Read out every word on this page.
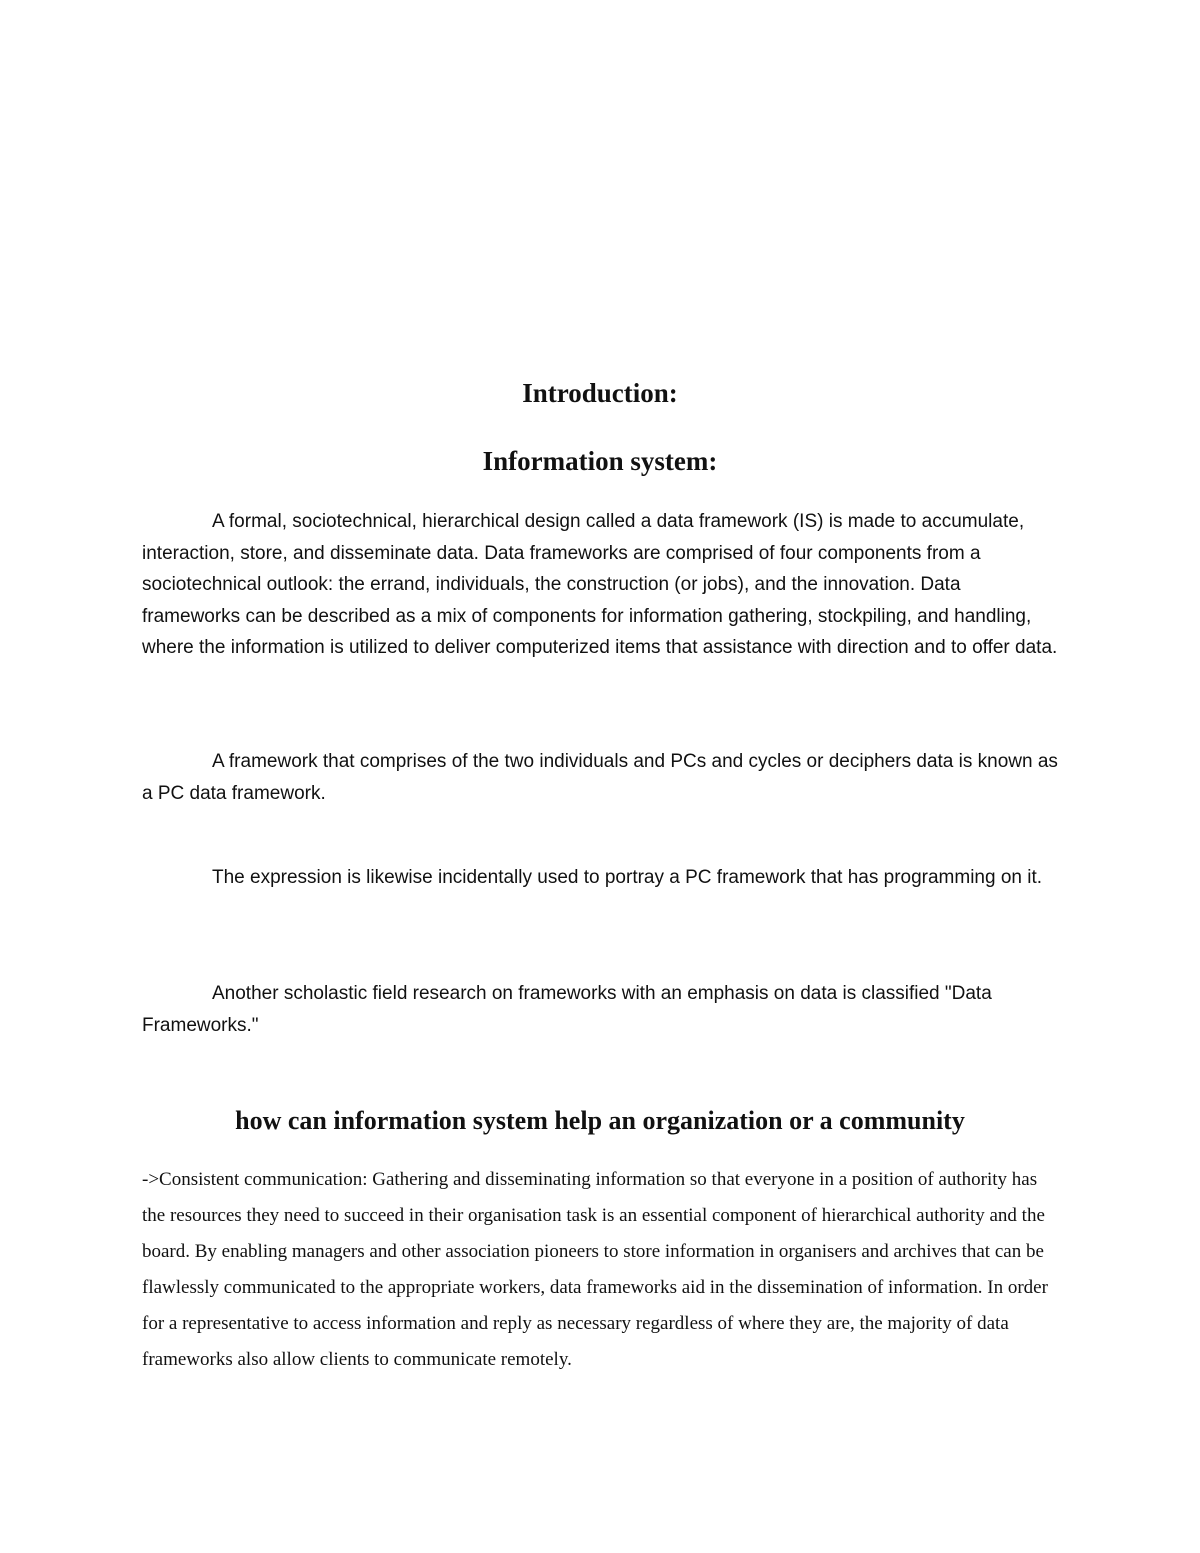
Introduction:
Information system:

A formal, sociotechnical, hierarchical design called a data framework (IS) is made to accumulate, interaction, store, and disseminate data. Data frameworks are comprised of four components from a sociotechnical outlook: the errand, individuals, the construction (or jobs), and the innovation. Data frameworks can be described as a mix of components for information gathering, stockpiling, and handling, where the information is utilized to deliver computerized items that assistance with direction and to offer data.

A framework that comprises of the two individuals and PCs and cycles or deciphers data is known as a PC data framework.

The expression is likewise incidentally used to portray a PC framework that has programming on it.

Another scholastic field research on frameworks with an emphasis on data is classified "Data Frameworks."

how can information system help an organization or a community

->Consistent communication: Gathering and disseminating information so that everyone in a position of authority has the resources they need to succeed in their organisation task is an essential component of hierarchical authority and the board. By enabling managers and other association pioneers to store information in organisers and archives that can be flawlessly communicated to the appropriate workers, data frameworks aid in the dissemination of information. In order for a representative to access information and reply as necessary regardless of where they are, the majority of data frameworks also allow clients to communicate remotely.
